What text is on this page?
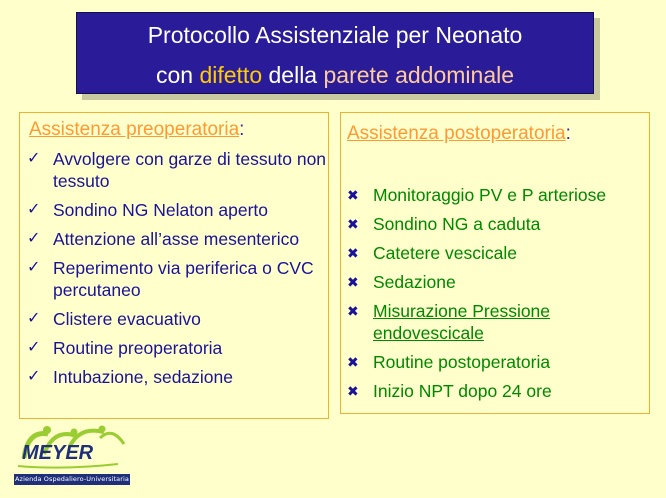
Protocollo Assistenziale per Neonato
con difetto della parete addominale
Assistenza preoperatoria:
✓ Avvolgere con garze di tessuto non tessuto
✓ Sondino NG Nelaton aperto
✓ Attenzione all’asse mesenterico
✓ Reperimento via periferica o CVC percutaneo
✓ Clistere evacuativo
✓ Routine preoperatoria
✓ Intubazione, sedazione
Assistenza postoperatoria:
✖ Monitoraggio PV e P arteriose
✖ Sondino NG a caduta
✖ Catetere vescicale
✖ Sedazione
✖ Misurazione Pressione endovescicale
✖ Routine postoperatoria
✖ Inizio NPT dopo 24 ore
MEYER
Azienda Ospedaliero-Universitaria
